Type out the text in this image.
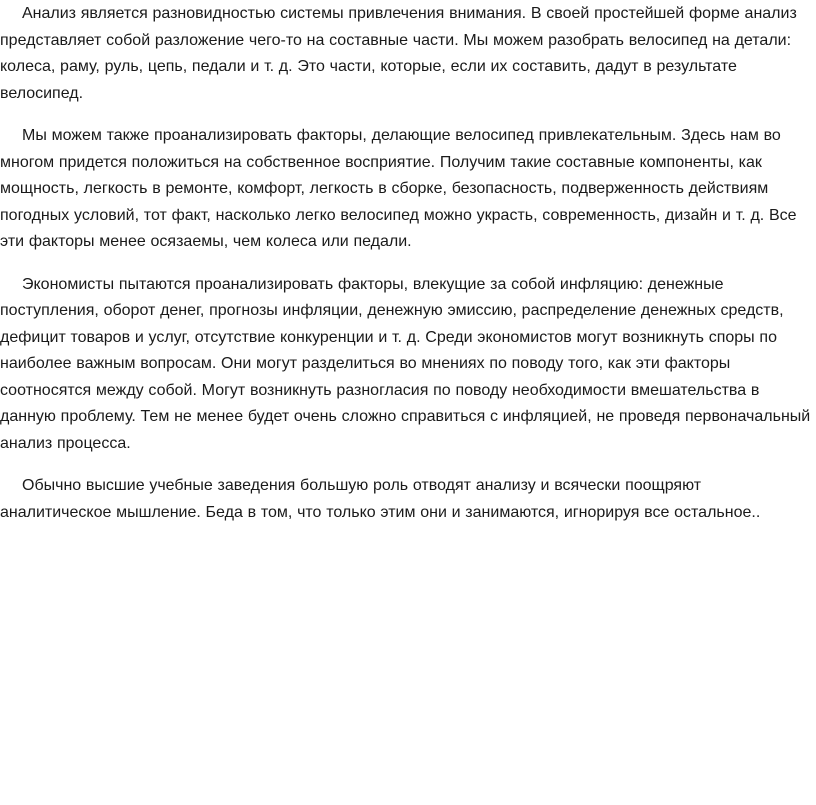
Анализ является разновидностью системы привлечения внимания. В своей простейшей форме анализ представляет собой разложение чего-то на составные части. Мы можем разобрать велосипед на детали: колеса, раму, руль, цепь, педали и т. д. Это части, которые, если их составить, дадут в результате велосипед.

Мы можем также проанализировать факторы, делающие велосипед привлекательным. Здесь нам во многом придется положиться на собственное восприятие. Получим такие составные компоненты, как мощность, легкость в ремонте, комфорт, легкость в сборке, безопасность, подверженность действиям погодных условий, тот факт, насколько легко велосипед можно украсть, современность, дизайн и т. д. Все эти факторы менее осязаемы, чем колеса или педали.

Экономисты пытаются проанализировать факторы, влекущие за собой инфляцию: денежные поступления, оборот денег, прогнозы инфляции, денежную эмиссию, распределение денежных средств, дефицит товаров и услуг, отсутствие конкуренции и т. д. Среди экономистов могут возникнуть споры по наиболее важным вопросам. Они могут разделиться во мнениях по поводу того, как эти факторы соотносятся между собой. Могут возникнуть разногласия по поводу необходимости вмешательства в данную проблему. Тем не менее будет очень сложно справиться с инфляцией, не проведя первоначальный анализ процесса.

Обычно высшие учебные заведения большую роль отводят анализу и всячески поощряют аналитическое мышление. Беда в том, что только этим они и занимаются, игнорируя все остальное..
